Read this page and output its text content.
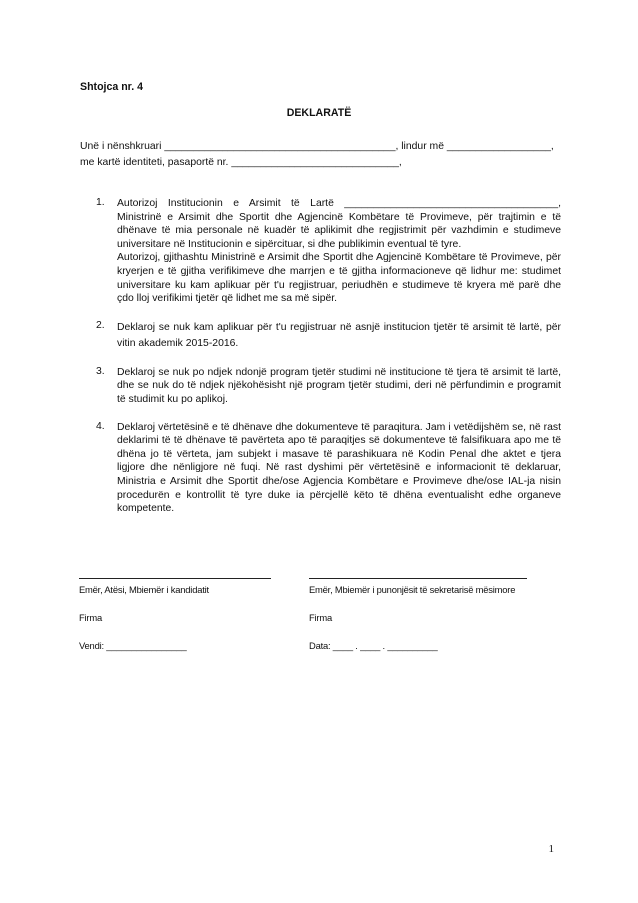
Shtojca nr. 4
DEKLARATË
Unë i nënshkruari ________________________________________, lindur më __________________,
me kartë identiteti, pasaportë nr. _____________________________,
1. Autorizoj Institucionin e Arsimit të Lartë _____________________________________, Ministrinë e Arsimit dhe Sportit dhe Agjencinë Kombëtare të Provimeve, për trajtimin e të dhënave të mia personale në kuadër të aplikimit dhe regjistrimit për vazhdimin e studimeve universitare në Institucionin e sipërcituar, si dhe publikimin eventual të tyre.

Autorizoj, gjithashtu Ministrinë e Arsimit dhe Sportit dhe Agjencinë Kombëtare të Provimeve, për kryerjen e të gjitha verifikimeve dhe marrjen e të gjitha informacioneve që lidhur me: studimet universitare ku kam aplikuar për t'u regjistruar, periudhën e studimeve të kryera më parë dhe çdo lloj verifikimi tjetër që lidhet me sa më sipër.

2. Deklaroj se nuk kam aplikuar për t'u regjistruar në asnjë institucion tjetër të arsimit të lartë, për vitin akademik 2015-2016.

3. Deklaroj se nuk po ndjek ndonjë program tjetër studimi në institucione të tjera të arsimit të lartë, dhe se nuk do të ndjek njëkohësisht një program tjetër studimi, deri në përfundimin e programit të studimit ku po aplikoj.

4. Deklaroj vërtetësinë e të dhënave dhe dokumenteve të paraqitura. Jam i vetëdijshëm se, në rast deklarimi të të dhënave të pavërteta apo të paraqitjes së dokumenteve të falsifikuara apo me të dhëna jo të vërteta, jam subjekt i masave të parashikuara në Kodin Penal dhe aktet e tjera ligjore dhe nënligjore në fuqi. Në rast dyshimi për vërtetësinë e informacionit të deklaruar, Ministria e Arsimit dhe Sportit dhe/ose Agjencia Kombëtare e Provimeve dhe/ose IAL-ja nisin procedurën e kontrollit të tyre duke ia përcjellë këto të dhëna eventualisht edhe organeve kompetente.

Emër, Atësi, Mbiemër i kandidatit
Firma
Vendi: ________________
Emër, Mbiemër i punonjësit të sekretarisë mësimore
Firma
Data: ____ . ____ . __________
1
